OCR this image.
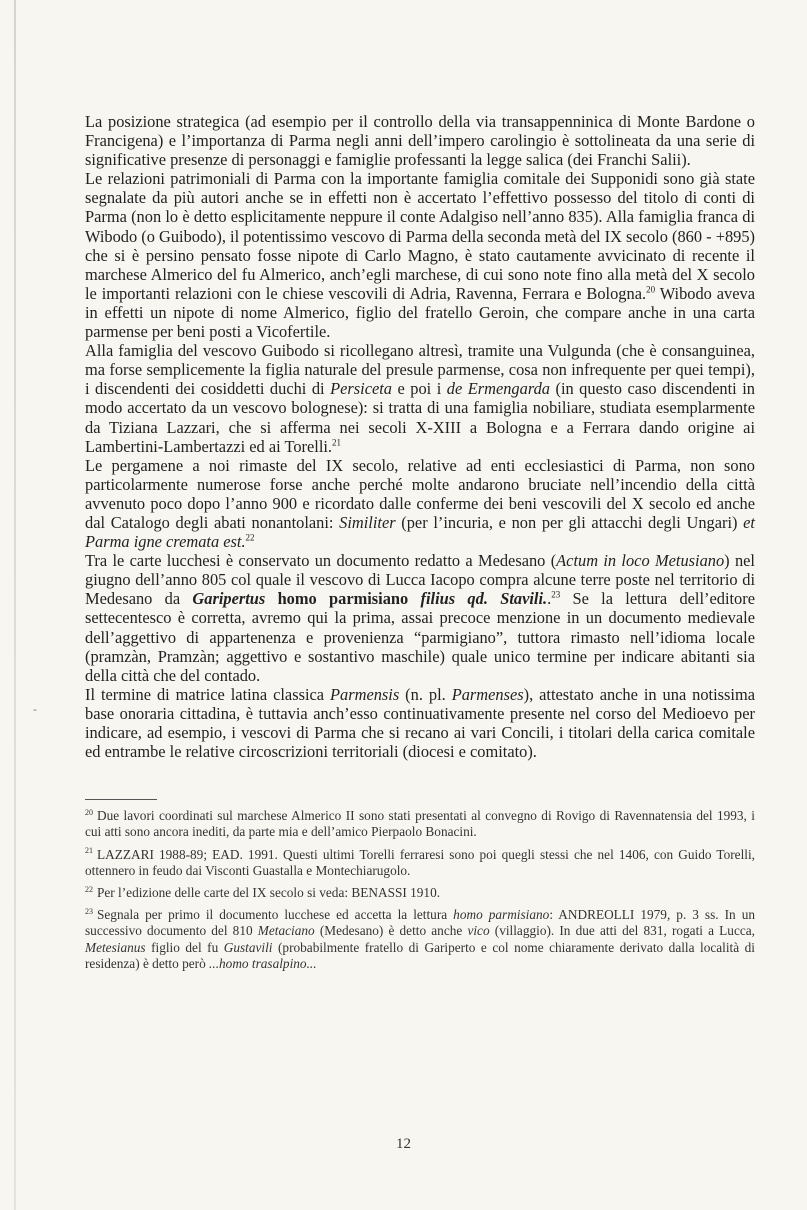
-

La posizione strategica (ad esempio per il controllo della via transappenninica di Monte Bardone o Francigena) e l’importanza di Parma negli anni dell’impero carolingio è sottolineata da una serie di significative presenze di personaggi e famiglie professanti la legge salica (dei Franchi Salii).

Le relazioni patrimoniali di Parma con la importante famiglia comitale dei Supponidi sono già state segnalate da più autori anche se in effetti non è accertato l’effettivo possesso del titolo di conti di Parma (non lo è detto esplicitamente neppure il conte Adalgiso nell’anno 835). Alla famiglia franca di Wibodo (o Guibodo), il potentissimo vescovo di Parma della seconda metà del IX secolo (860 - +895) che si è persino pensato fosse nipote di Carlo Magno, è stato cautamente avvicinato di recente il marchese Almerico del fu Almerico, anch’egli marchese, di cui sono note fino alla metà del X secolo le importanti relazioni con le chiese vescovili di Adria, Ravenna, Ferrara e Bologna.$^{20}$ Wibodo aveva in effetti un nipote di nome Almerico, figlio del fratello Geroin, che compare anche in una carta parmense per beni posti a Vicofertile.

Alla famiglia del vescovo Guibodo si ricollegano altresì, tramite una Vulgunda (che è consanguinea, ma forse semplicemente la figlia naturale del presule parmense, cosa non infrequente per quei tempi), i discendenti dei cosiddetti duchi di Persiceta e poi i de Ermengarda (in questo caso discendenti in modo accertato da un vescovo bolognese): si tratta di una famiglia nobiliare, studiata esemplarmente da Tiziana Lazzari, che si afferma nei secoli X-XIII a Bologna e a Ferrara dando origine ai Lambertini-Lambertazzi ed ai Torelli.$^{21}$

Le pergamene a noi rimaste del IX secolo, relative ad enti ecclesiastici di Parma, non sono particolarmente numerose forse anche perché molte andarono bruciate nell’incendio della città avvenuto poco dopo l’anno 900 e ricordato dalle conferme dei beni vescovili del X secolo ed anche dal Catalogo degli abati nonantolani: Similiter (per l’incuria, e non per gli attacchi degli Ungari) et Parma igne cremata est.$^{22}$

Tra le carte lucchesi è conservato un documento redatto a Medesano (Actum in loco Metusiano) nel giugno dell’anno 805 col quale il vescovo di Lucca Iacopo compra alcune terre poste nel territorio di Medesano da Garipertus homo parmisiano filius qd. Stavili..$^{23}$ Se la lettura dell’editore settecentesco è corretta, avremo qui la prima, assai precoce menzione in un documento medievale dell’aggettivo di appartenenza e provenienza “parmigiano”, tuttora rimasto nell’idioma locale (pramzàn, Pramzàn; aggettivo e sostantivo maschile) quale unico termine per indicare abitanti sia della città che del contado.

Il termine di matrice latina classica Parmensis (n. pl. Parmenses), attestato anche in una notissima base onoraria cittadina, è tuttavia anch’esso continuativamente presente nel corso del Medioevo per indicare, ad esempio, i vescovi di Parma che si recano ai vari Concili, i titolari della carica comitale ed entrambe le relative circoscrizioni territoriali (diocesi e comitato).

$^{20}$ Due lavori coordinati sul marchese Almerico II sono stati presentati al convegno di Rovigo di Ravennatensia del 1993, i cui atti sono ancora inediti, da parte mia e dell’amico Pierpaolo Bonacini.

$^{21}$ LAZZARI 1988-89; EAD. 1991. Questi ultimi Torelli ferraresi sono poi quegli stessi che nel 1406, con Guido Torelli, ottennero in feudo dai Visconti Guastalla e Montechiarugolo.

$^{22}$ Per l’edizione delle carte del IX secolo si veda: BENASSI 1910.

$^{23}$ Segnala per primo il documento lucchese ed accetta la lettura homo parmisiano: ANDREOLLI 1979, p. 3 ss. In un successivo documento del 810 Metaciano (Medesano) è detto anche vico (villaggio). In due atti del 831, rogati a Lucca, Metesianus figlio del fu Gustavili (probabilmente fratello di Gariperto e col nome chiaramente derivato dalla località di residenza) è detto però ...homo trasalpino...

12
